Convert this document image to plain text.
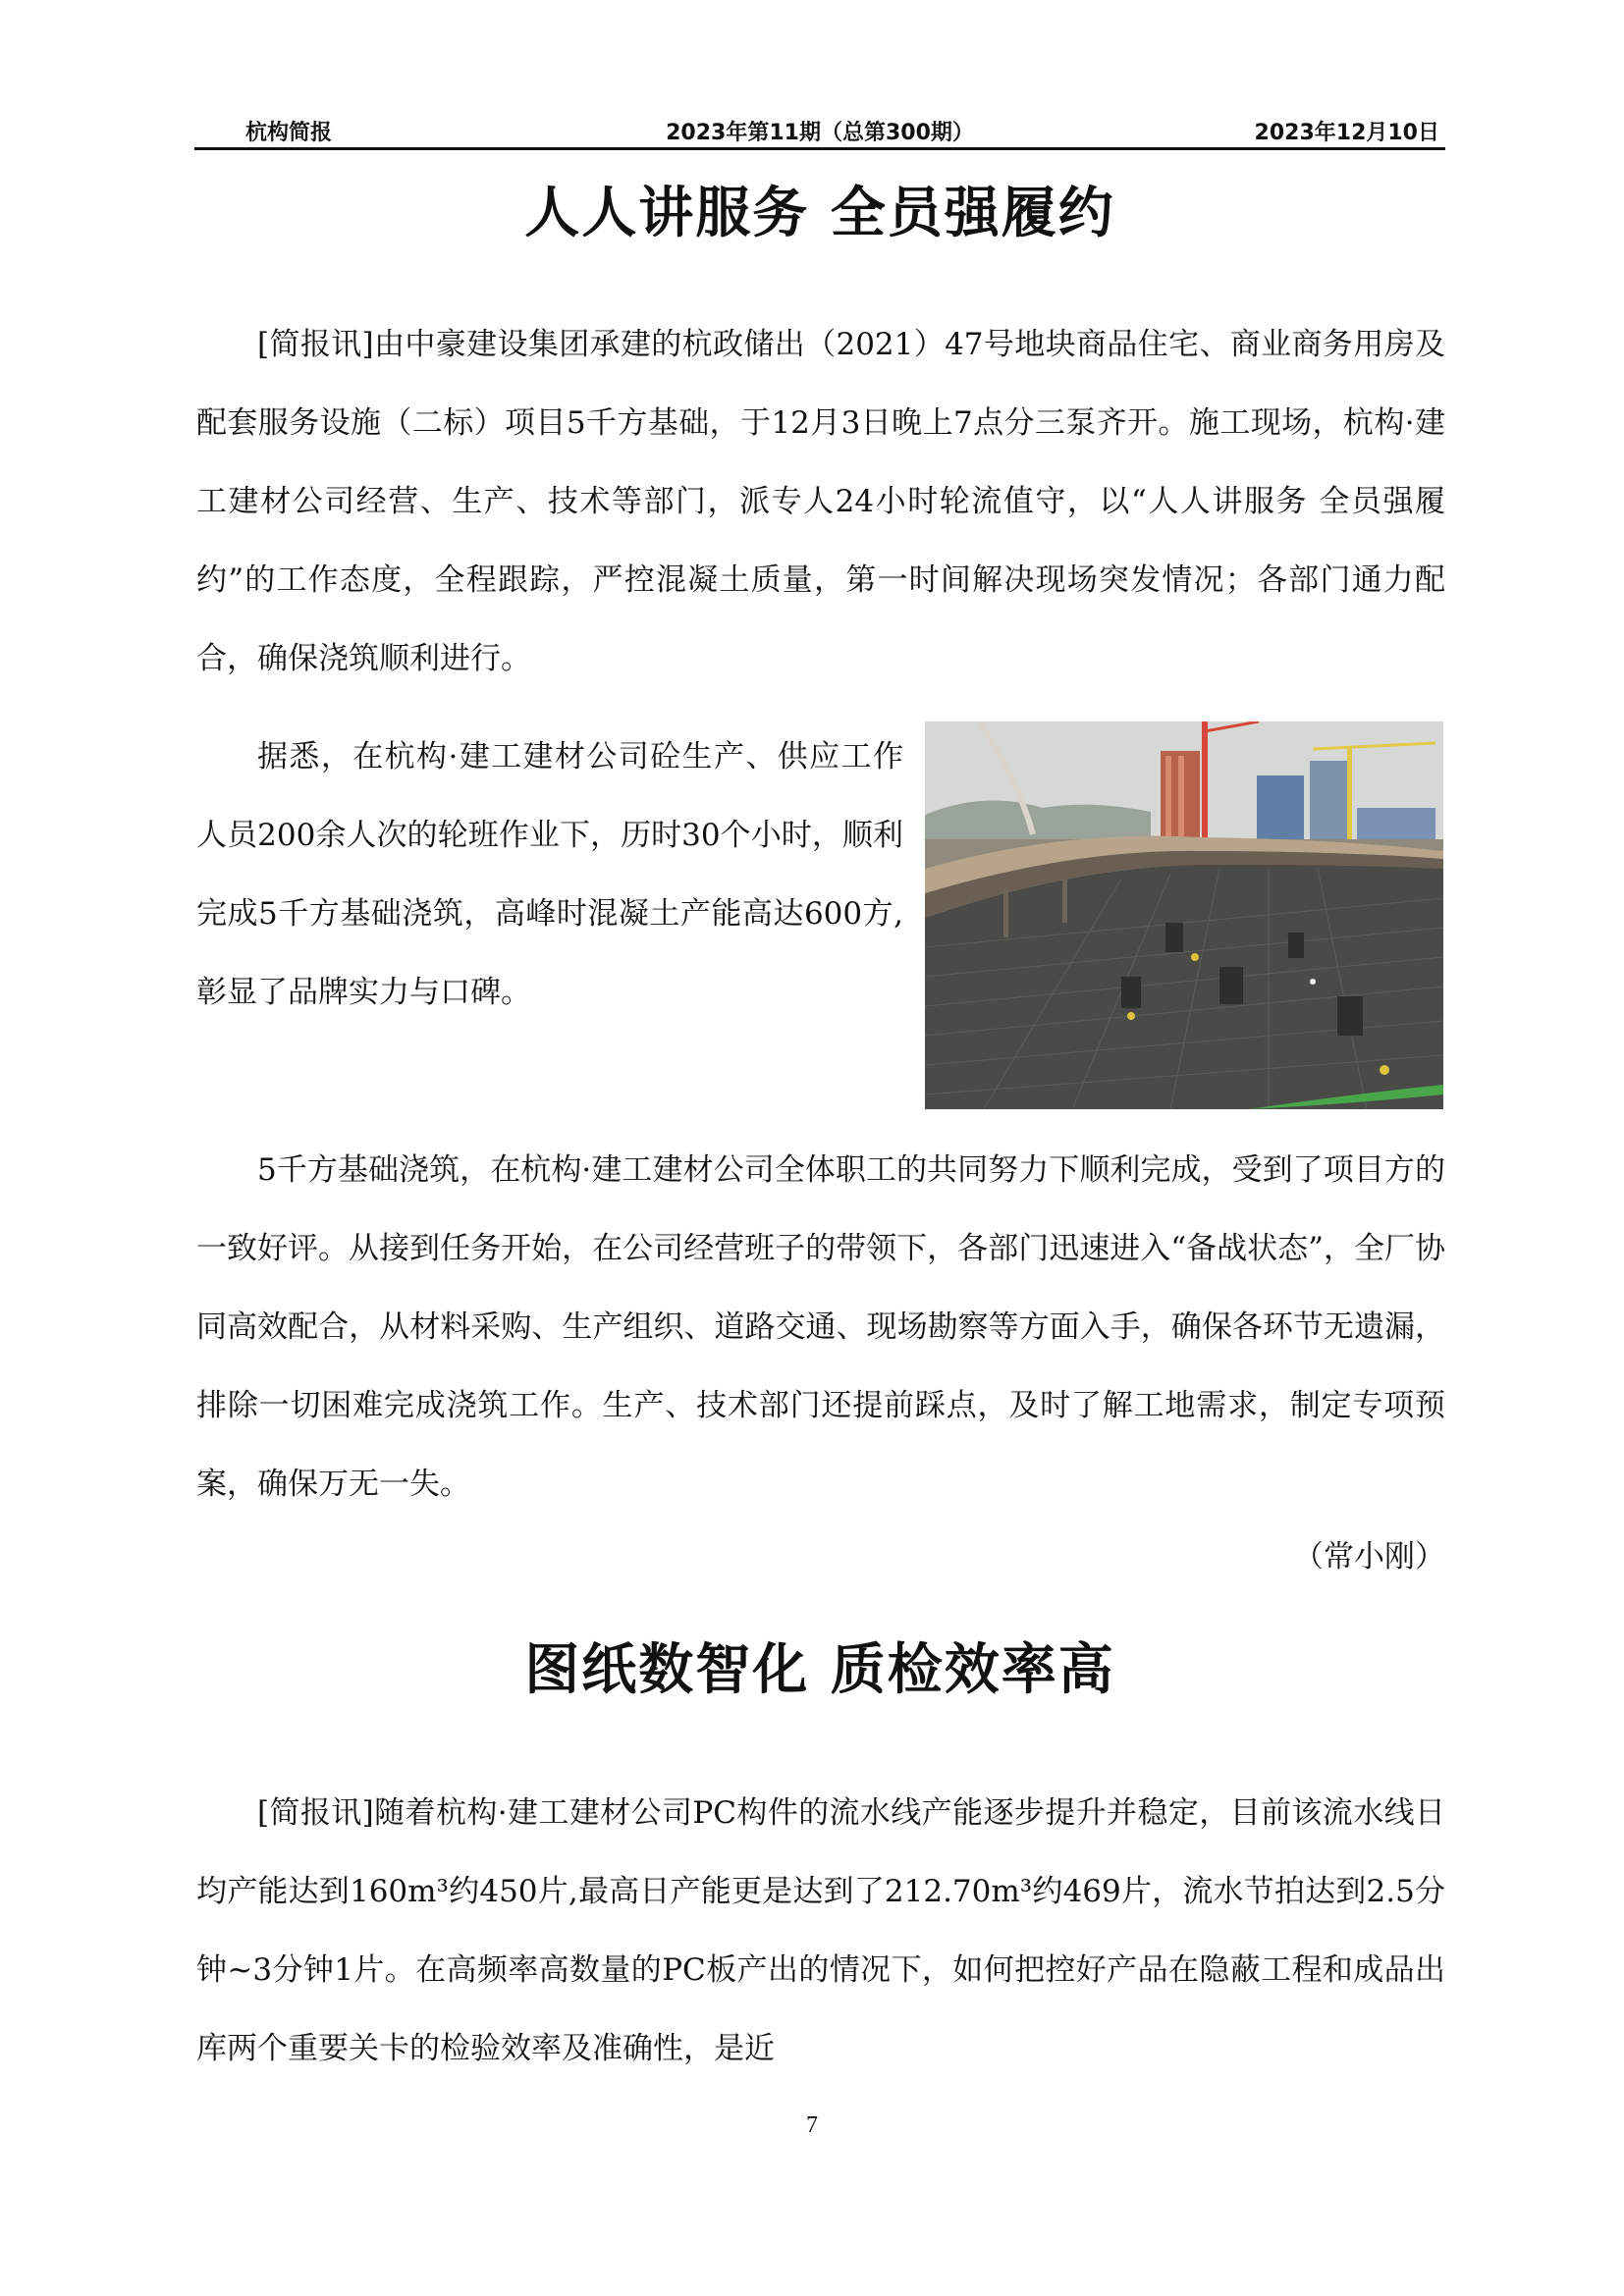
杭构简报	2023年第11期（总第300期）	2023年12月10日
人人讲服务 全员强履约

[简报讯]由中豪建设集团承建的杭政储出（2021）47号地块商品住宅、商业商务用房及配套服务设施（二标）项目5千方基础，于12月3日晚上7点分三泵齐开。施工现场，杭构·建工建材公司经营、生产、技术等部门，派专人24小时轮流值守，以“人人讲服务 全员强履约”的工作态度，全程跟踪，严控混凝土质量，第一时间解决现场突发情况；各部门通力配合，确保浇筑顺利进行。

据悉，在杭构·建工建材公司砼生产、供应工作人员200余人次的轮班作业下，历时30个小时，顺利完成5千方基础浇筑，高峰时混凝土产能高达600方,彰显了品牌实力与口碑。

5千方基础浇筑，在杭构·建工建材公司全体职工的共同努力下顺利完成，受到了项目方的一致好评。从接到任务开始，在公司经营班子的带领下，各部门迅速进入“备战状态”，全厂协同高效配合，从材料采购、生产组织、道路交通、现场勘察等方面入手，确保各环节无遗漏，排除一切困难完成浇筑工作。生产、技术部门还提前踩点，及时了解工地需求，制定专项预案，确保万无一失。

（常小刚）

图纸数智化 质检效率高

[简报讯]随着杭构·建工建材公司PC构件的流水线产能逐步提升并稳定，目前该流水线日均产能达到160m³约450片,最高日产能更是达到了212.70m³约469片，流水节拍达到2.5分钟~3分钟1片。在高频率高数量的PC板产出的情况下，如何把控好产品在隐蔽工程和成品出库两个重要关卡的检验效率及准确性，是近

7
